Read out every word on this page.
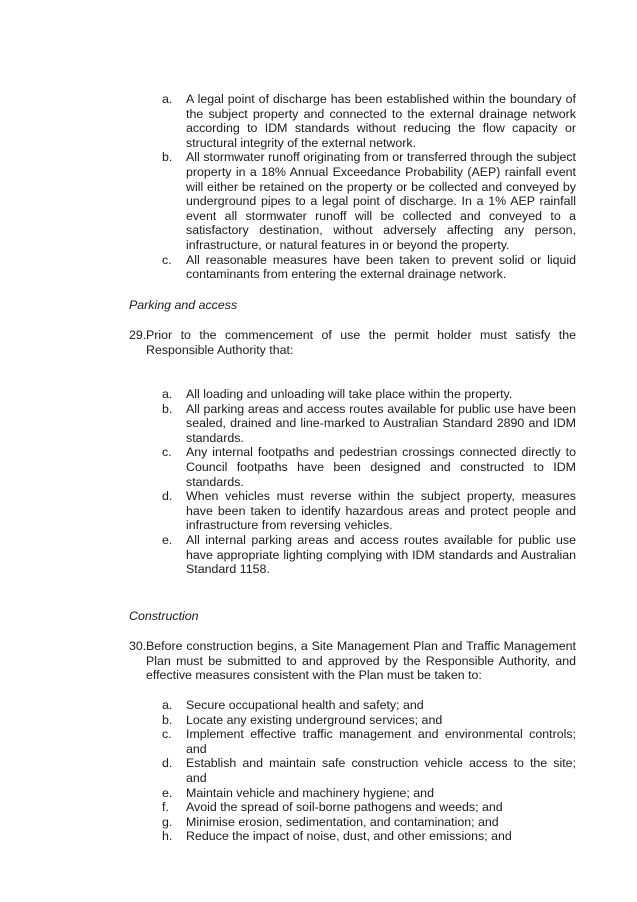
a. A legal point of discharge has been established within the boundary of the subject property and connected to the external drainage network according to IDM standards without reducing the flow capacity or structural integrity of the external network.
b. All stormwater runoff originating from or transferred through the subject property in a 18% Annual Exceedance Probability (AEP) rainfall event will either be retained on the property or be collected and conveyed by underground pipes to a legal point of discharge. In a 1% AEP rainfall event all stormwater runoff will be collected and conveyed to a satisfactory destination, without adversely affecting any person, infrastructure, or natural features in or beyond the property.
c. All reasonable measures have been taken to prevent solid or liquid contaminants from entering the external drainage network.

Parking and access

29. Prior to the commencement of use the permit holder must satisfy the Responsible Authority that:
a. All loading and unloading will take place within the property.
b. All parking areas and access routes available for public use have been sealed, drained and line-marked to Australian Standard 2890 and IDM standards.
c. Any internal footpaths and pedestrian crossings connected directly to Council footpaths have been designed and constructed to IDM standards.
d. When vehicles must reverse within the subject property, measures have been taken to identify hazardous areas and protect people and infrastructure from reversing vehicles.
e. All internal parking areas and access routes available for public use have appropriate lighting complying with IDM standards and Australian Standard 1158.

Construction

30. Before construction begins, a Site Management Plan and Traffic Management Plan must be submitted to and approved by the Responsible Authority, and effective measures consistent with the Plan must be taken to:
a. Secure occupational health and safety; and
b. Locate any existing underground services; and
c. Implement effective traffic management and environmental controls; and
d. Establish and maintain safe construction vehicle access to the site; and
e. Maintain vehicle and machinery hygiene; and
f. Avoid the spread of soil-borne pathogens and weeds; and
g. Minimise erosion, sedimentation, and contamination; and
h. Reduce the impact of noise, dust, and other emissions; and
